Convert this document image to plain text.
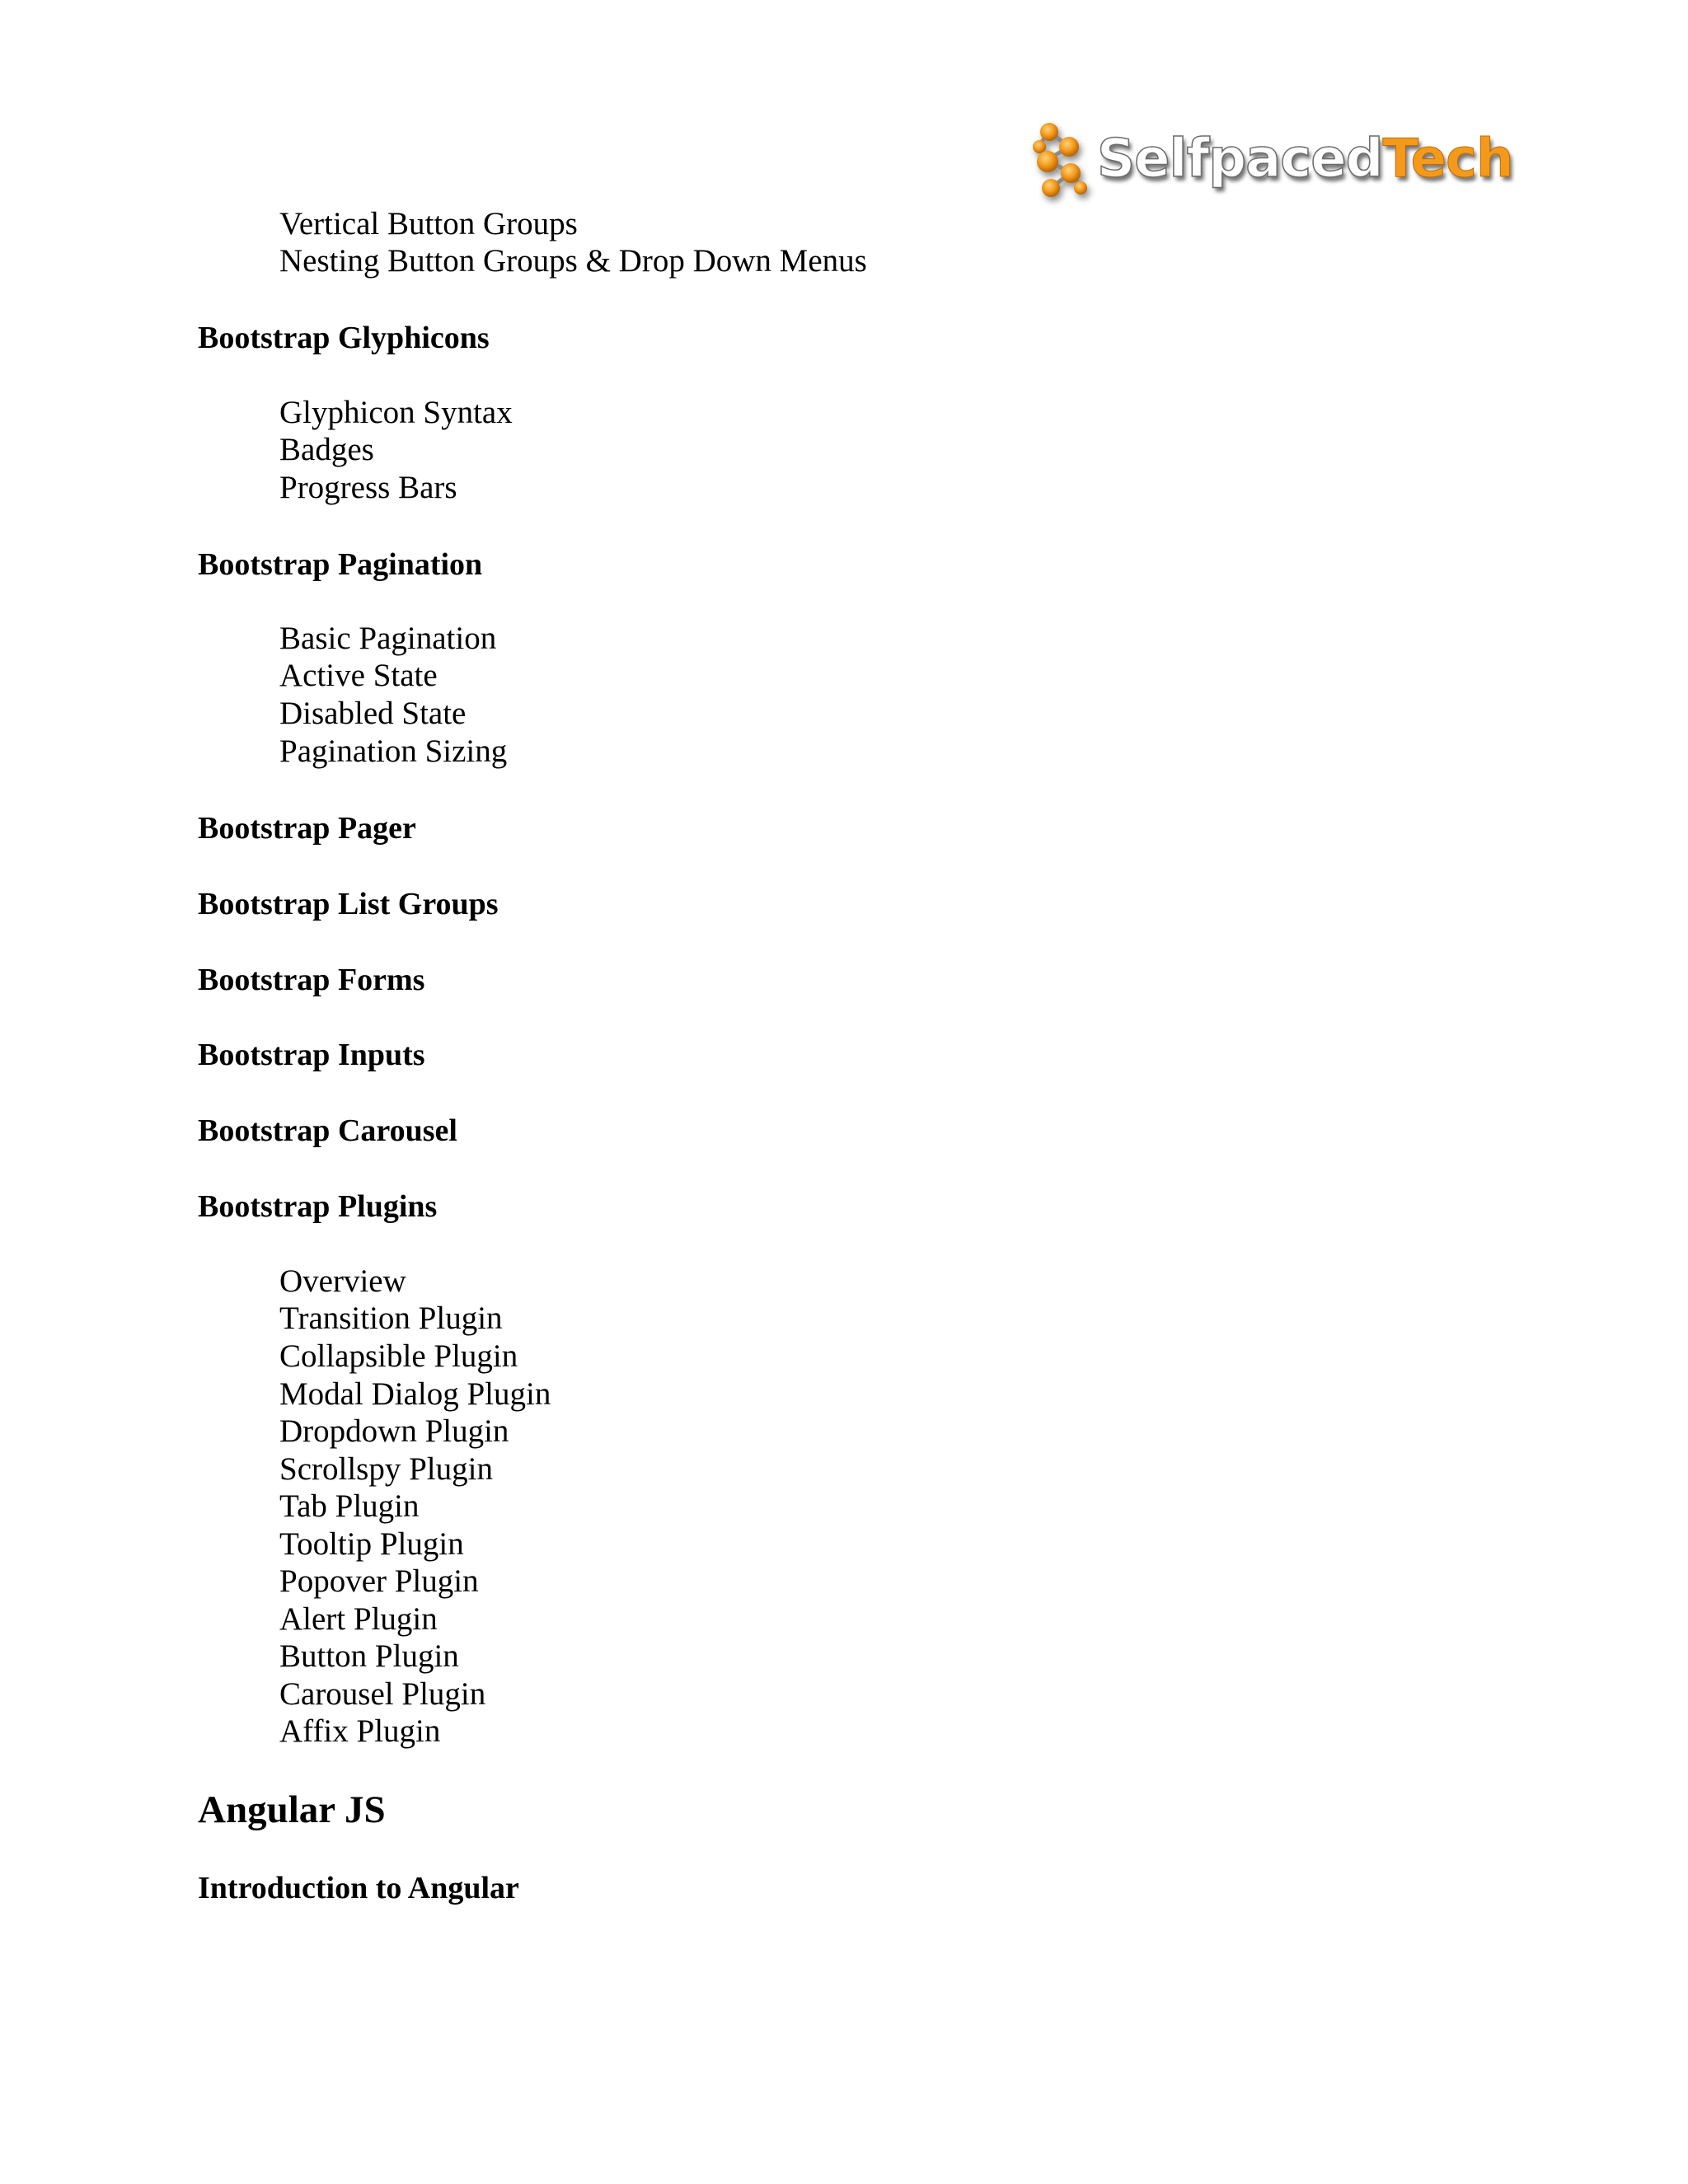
SelfpacedTech
Vertical Button Groups
Nesting Button Groups & Drop Down Menus
Bootstrap Glyphicons
Glyphicon Syntax
Badges
Progress Bars
Bootstrap Pagination
Basic Pagination
Active State
Disabled State
Pagination Sizing
Bootstrap Pager
Bootstrap List Groups
Bootstrap Forms
Bootstrap Inputs
Bootstrap Carousel
Bootstrap Plugins
Overview
Transition Plugin
Collapsible Plugin
Modal Dialog Plugin
Dropdown Plugin
Scrollspy Plugin
Tab Plugin
Tooltip Plugin
Popover Plugin
Alert Plugin
Button Plugin
Carousel Plugin
Affix Plugin
Angular JS
Introduction to Angular
